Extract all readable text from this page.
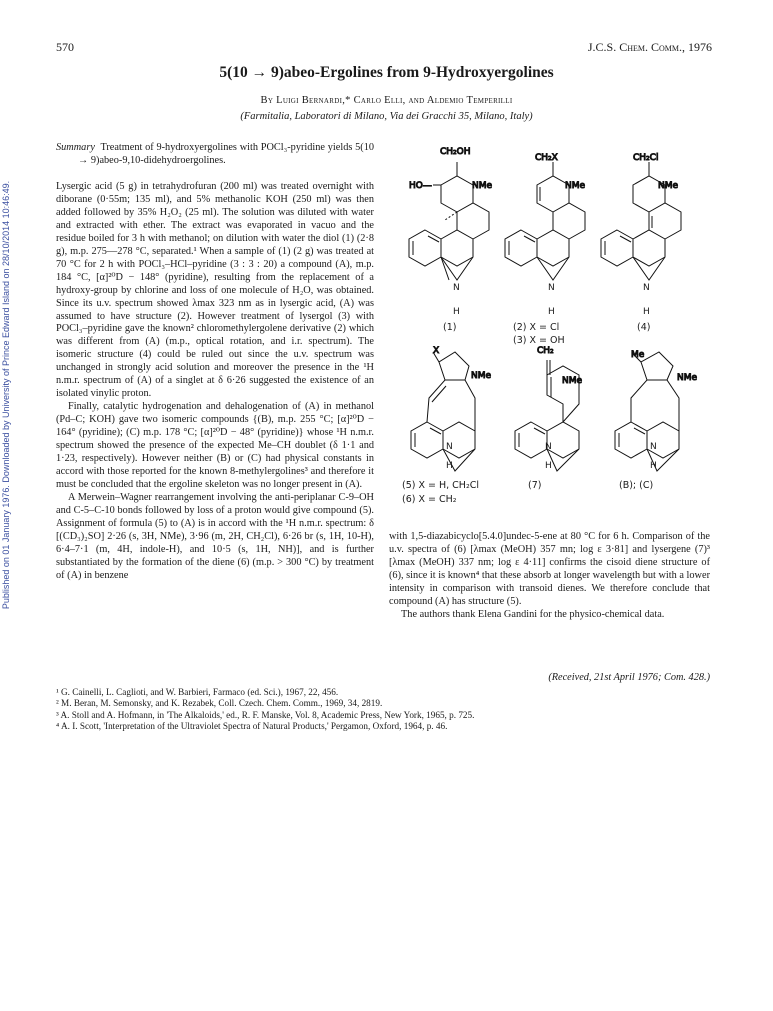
Published on 01 January 1976. Downloaded by University of Prince Edward Island on 28/10/2014 10:46:49.
570	J.C.S. Chem. Comm., 1976
5(10 → 9)abeo-Ergolines from 9-Hydroxyergolines
By Luigi Bernardi,* Carlo Elli, and Aldemio Temperilli
(Farmitalia, Laboratori di Milano, Via dei Gracchi 35, Milano, Italy)

Summary Treatment of 9-hydroxyergolines with POCl₃-pyridine yields 5(10 → 9)abeo-9,10-didehydroergolines.

Lysergic acid (5 g) in tetrahydrofuran (200 ml) was treated overnight with diborane (0·55m; 135 ml), and 5% methanolic KOH (250 ml) was then added followed by 35% H₂O₂ (25 ml). The solution was diluted with water and extracted with ether. The extract was evaporated in vacuo and the residue boiled for 3 h with methanol; on dilution with water the diol (1) (2·8 g), m.p. 275—278 °C, separated.¹ When a sample of (1) (2 g) was treated at 70 °C for 2 h with POCl₃–HCl–pyridine (3 : 3 : 20) a compound (A), m.p. 184 °C, [α]²⁰D − 148° (pyridine), resulting from the replacement of a hydroxy-group by chlorine and loss of one molecule of H₂O, was obtained. Since its u.v. spectrum showed λmax 323 nm as in lysergic acid, (A) was assumed to have structure (2). However treatment of lysergol (3) with POCl₃–pyridine gave the known² chloromethylergolene derivative (2) which was different from (A) (m.p., optical rotation, and i.r. spectrum). The isomeric structure (4) could be ruled out since the u.v. spectrum was unchanged in strongly acid solution and moreover the presence in the ¹H n.m.r. spectrum of (A) of a singlet at δ 6·26 suggested the existence of an isolated vinylic proton.

Finally, catalytic hydrogenation and dehalogenation of (A) in methanol (Pd–C; KOH) gave two isomeric compounds {(B), m.p. 255 °C; [α]²⁰D − 164° (pyridine); (C) m.p. 178 °C; [α]²⁰D − 48° (pyridine)} whose ¹H n.m.r. spectrum showed the presence of the expected Me–CH doublet (δ 1·1 and 1·23, respectively). However neither (B) or (C) had physical constants in accord with those reported for the known 8-methylergolines³ and therefore it must be concluded that the ergoline skeleton was no longer present in (A).

A Merwein–Wagner rearrangement involving the anti-periplanar C-9–OH and C-5–C-10 bonds followed by loss of a proton would give compound (5). Assignment of formula (5) to (A) is in accord with the ¹H n.m.r. spectrum: δ [(CD₃)₂SO] 2·26 (s, 3H, NMe), 3·96 (m, 2H, CH₂Cl), 6·26 br (s, 1H, 10-H), 6·4–7·1 (m, 4H, indole-H), and 10·5 (s, 1H, NH)], and is further substantiated by the formation of the diene (6) (m.p. > 300 °C) by treatment of (A) in benzene

with 1,5-diazabicyclo[5.4.0]undec-5-ene at 80 °C for 6 h. Comparison of the u.v. spectra of (6) [λmax (MeOH) 357 mn; log ε 3·81] and lysergene (7)³ [λmax (MeOH) 337 nm; log ε 4·11] confirms the cisoid diene structure of (6), since it is known⁴ that these absorb at longer wavelength but with a lower intensity in comparison with transoid dienes. We therefore conclude that compound (A) has structure (5).

The authors thank Elena Gandini for the physico-chemical data.

(Received, 21st April 1976; Com. 428.)
¹ G. Cainelli, L. Caglioti, and W. Barbieri, Farmaco (ed. Sci.), 1967, 22, 456.
² M. Beran, M. Semonsky, and K. Rezabek, Coll. Czech. Chem. Comm., 1969, 34, 2819.
³ A. Stoll and A. Hofmann, in 'The Alkaloids,' ed., R. F. Manske, Vol. 8, Academic Press, New York, 1965, p. 725.
⁴ A. I. Scott, 'Interpretation of the Ultraviolet Spectra of Natural Products,' Pergamon, Oxford, 1964, p. 46.
CH₂OH
HO—	NMe
CH₂X
NMe
CH₂Cl
NMe
X
NMe
CH₂
NMe
Me
NMe
N
H
N
H
N
H
(1)	(2) X = Cl
(3) X = OH
(4)
N
H
N
H
N
H
(5) X = H, CH₂Cl
(6) X = CH₂
(7)	(B); (C)
